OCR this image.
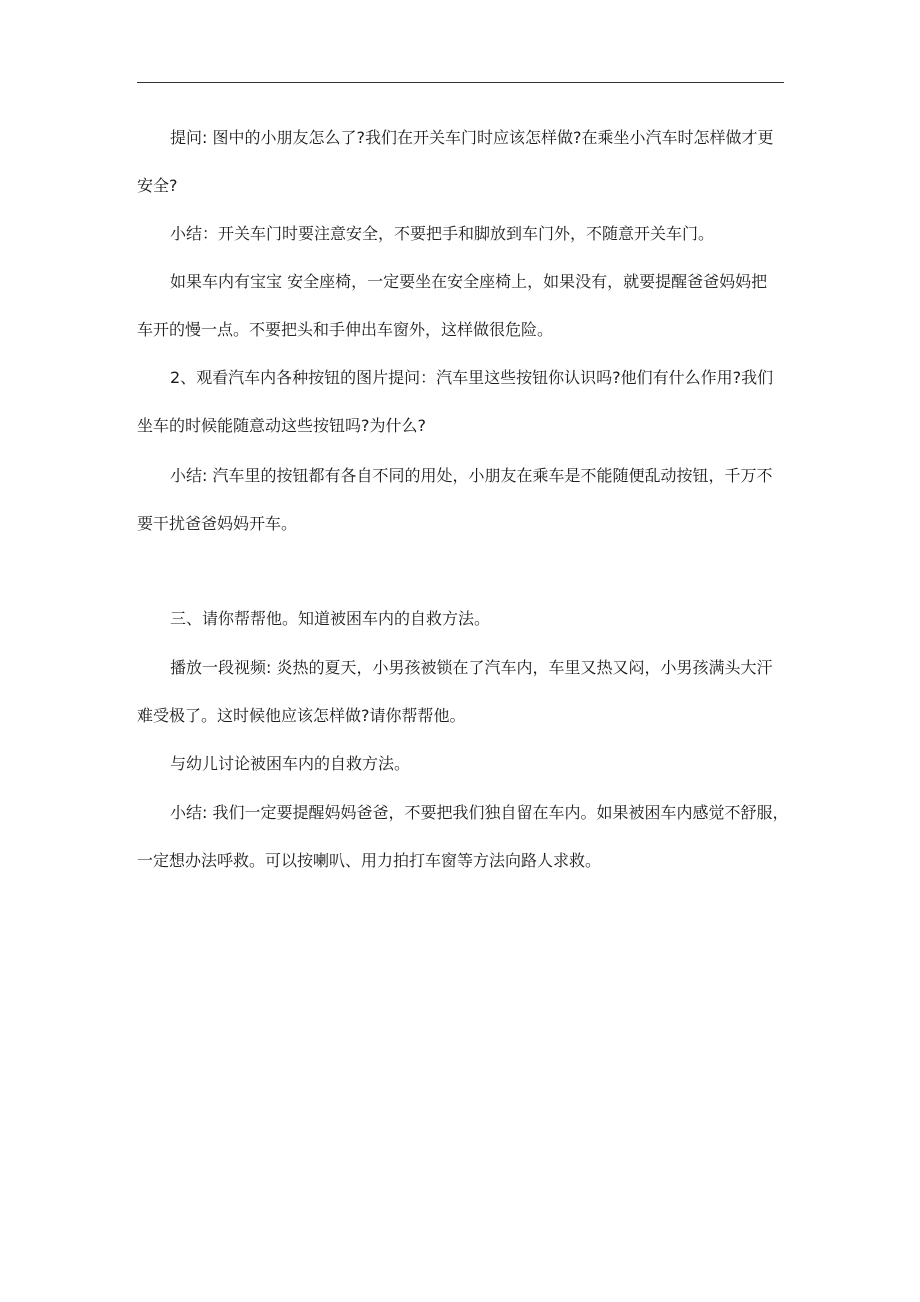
提问: 图中的小朋友怎么了?我们在开关车门时应该怎样做?在乘坐小汽车时怎样做才更

安全?

小结：开关车门时要注意安全，不要把手和脚放到车门外，不随意开关车门。

如果车内有宝宝 安全座椅，一定要坐在安全座椅上，如果没有，就要提醒爸爸妈妈把

车开的慢一点。不要把头和手伸出车窗外，这样做很危险。

2、观看汽车内各种按钮的图片提问：汽车里这些按钮你认识吗?他们有什么作用?我们

坐车的时候能随意动这些按钮吗?为什么?

小结: 汽车里的按钮都有各自不同的用处，小朋友在乘车是不能随便乱动按钮，千万不

要干扰爸爸妈妈开车。

三、请你帮帮他。知道被困车内的自救方法。

播放一段视频: 炎热的夏天，小男孩被锁在了汽车内，车里又热又闷，小男孩满头大汗

难受极了。这时候他应该怎样做?请你帮帮他。

与幼儿讨论被困车内的自救方法。

小结: 我们一定要提醒妈妈爸爸，不要把我们独自留在车内。如果被困车内感觉不舒服，

一定想办法呼救。可以按喇叭、用力拍打车窗等方法向路人求救。
